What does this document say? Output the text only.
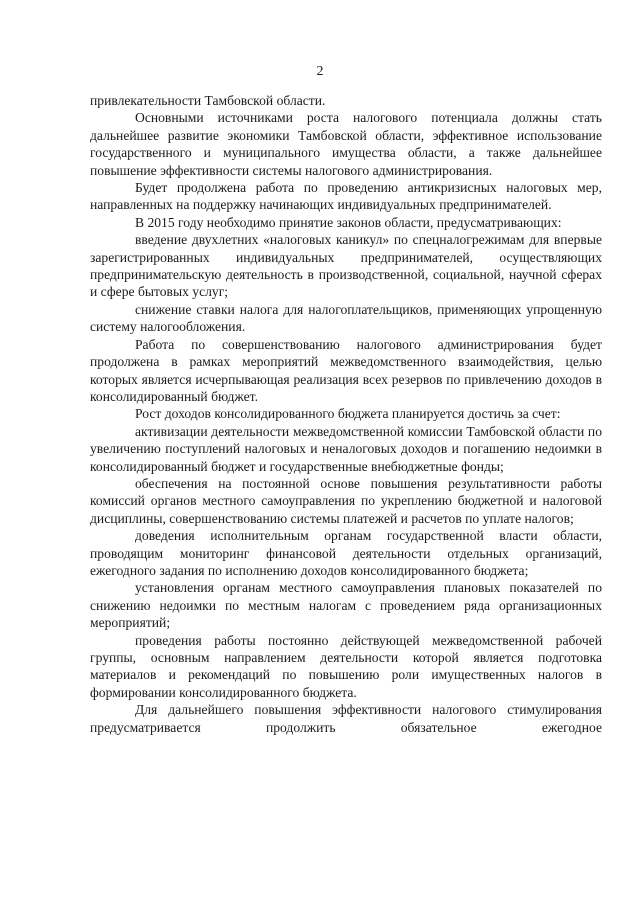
2

привлекательности Тамбовской области.

Основными источниками роста налогового потенциала должны стать дальнейшее развитие экономики Тамбовской области, эффективное использование государственного и муниципального имущества области, а также дальнейшее повышение эффективности системы налогового администрирования.

Будет продолжена работа по проведению антикризисных налоговых мер, направленных на поддержку начинающих индивидуальных предпринимателей.

В 2015 году необходимо принятие законов области, предусматривающих:

введение двухлетних «налоговых каникул» по спецналогрежимам для впервые зарегистрированных индивидуальных предпринимателей, осуществляющих предпринимательскую деятельность в производственной, социальной, научной сферах и сфере бытовых услуг;

снижение ставки налога для налогоплательщиков, применяющих упрощенную систему налогообложения.

Работа по совершенствованию налогового администрирования будет продолжена в рамках мероприятий межведомственного взаимодействия, целью которых является исчерпывающая реализация всех резервов по привлечению доходов в консолидированный бюджет.

Рост доходов консолидированного бюджета планируется достичь за счет:

активизации деятельности межведомственной комиссии Тамбовской области по увеличению поступлений налоговых и неналоговых доходов и погашению недоимки в консолидированный бюджет и государственные внебюджетные фонды;

обеспечения на постоянной основе повышения результативности работы комиссий органов местного самоуправления по укреплению бюджетной и налоговой дисциплины, совершенствованию системы платежей и расчетов по уплате налогов;

доведения исполнительным органам государственной власти области, проводящим мониторинг финансовой деятельности отдельных организаций, ежегодного задания по исполнению доходов консолидированного бюджета;

установления органам местного самоуправления плановых показателей по снижению недоимки по местным налогам с проведением ряда организационных мероприятий;

проведения работы постоянно действующей межведомственной рабочей группы, основным направлением деятельности которой является подготовка материалов и рекомендаций по повышению роли имущественных налогов в формировании консолидированного бюджета.

Для дальнейшего повышения эффективности налогового стимулирования предусматривается продолжить обязательное ежегодное
